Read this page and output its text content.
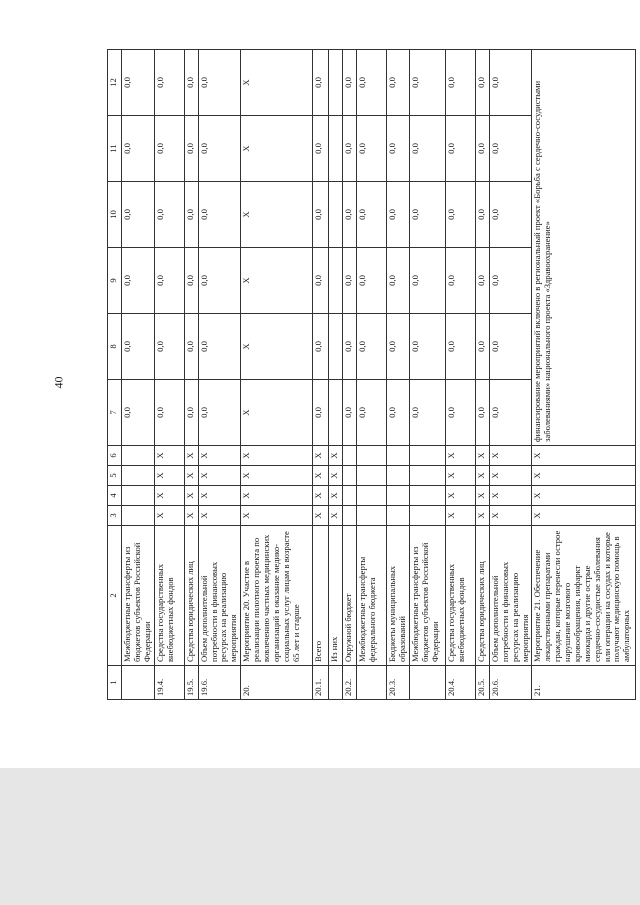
40
1	2	3	4	5	6	7	8	9	10	11	12
	Межбюджетные трансферты из бюджетов субъектов Российской Федерации					0,0	0,0	0,0	0,0	0,0	0,0
19.4.	Средства государственных внебюджетных фондов	X	X	X	X	0,0	0,0	0,0	0,0	0,0	0,0
19.5.	Средства юридических лиц	X	X	X	X	0,0	0,0	0,0	0,0	0,0	0,0
19.6.	Объем дополнительной потребности в финансовых ресурсах на реализацию мероприятия	X	X	X	X	0,0	0,0	0,0	0,0	0,0	0,0
20.	Мероприятие 20. Участие в реализации пилотного проекта по вовлечению частных медицинских организаций в оказание медико-социальных услуг лицам в возрасте 65 лет и старше	X	X	X	X	X	X	X	X	X	X
20.1.	Всего	X	X	X	X	0,0	0,0	0,0	0,0	0,0	0,0
	Из них	X	X	X	X						
20.2.	Окружной бюджет					0,0	0,0	0,0	0,0	0,0	0,0
	Межбюджетные трансферты федерального бюджета					0,0	0,0	0,0	0,0	0,0	0,0
20.3.	Бюджеты муниципальных образований					0,0	0,0	0,0	0,0	0,0	0,0
	Межбюджетные трансферты из бюджетов субъектов Российской Федерации					0,0	0,0	0,0	0,0	0,0	0,0
20.4.	Средства государственных внебюджетных фондов	X	X	X	X	0,0	0,0	0,0	0,0	0,0	0,0
20.5.	Средства юридических лиц	X	X	X	X	0,0	0,0	0,0	0,0	0,0	0,0
20.6.	Объем дополнительной потребности в финансовых ресурсах на реализацию мероприятия	X	X	X	X	0,0	0,0	0,0	0,0	0,0	0,0
21.	Мероприятие 21. Обеспечение лекарственными препаратами граждан, которые перенесли острое нарушение мозгового кровообращения, инфаркт миокарда и другие острые сердечно-сосудистые заболевания или операции на сосудах и которые получают медицинскую помощь в амбулаторных	X	X	X	X	финансирование мероприятий включено в региональный проект «Борьба с сердечно-сосудистыми заболеваниями» национального проекта «Здравоохранение»					
